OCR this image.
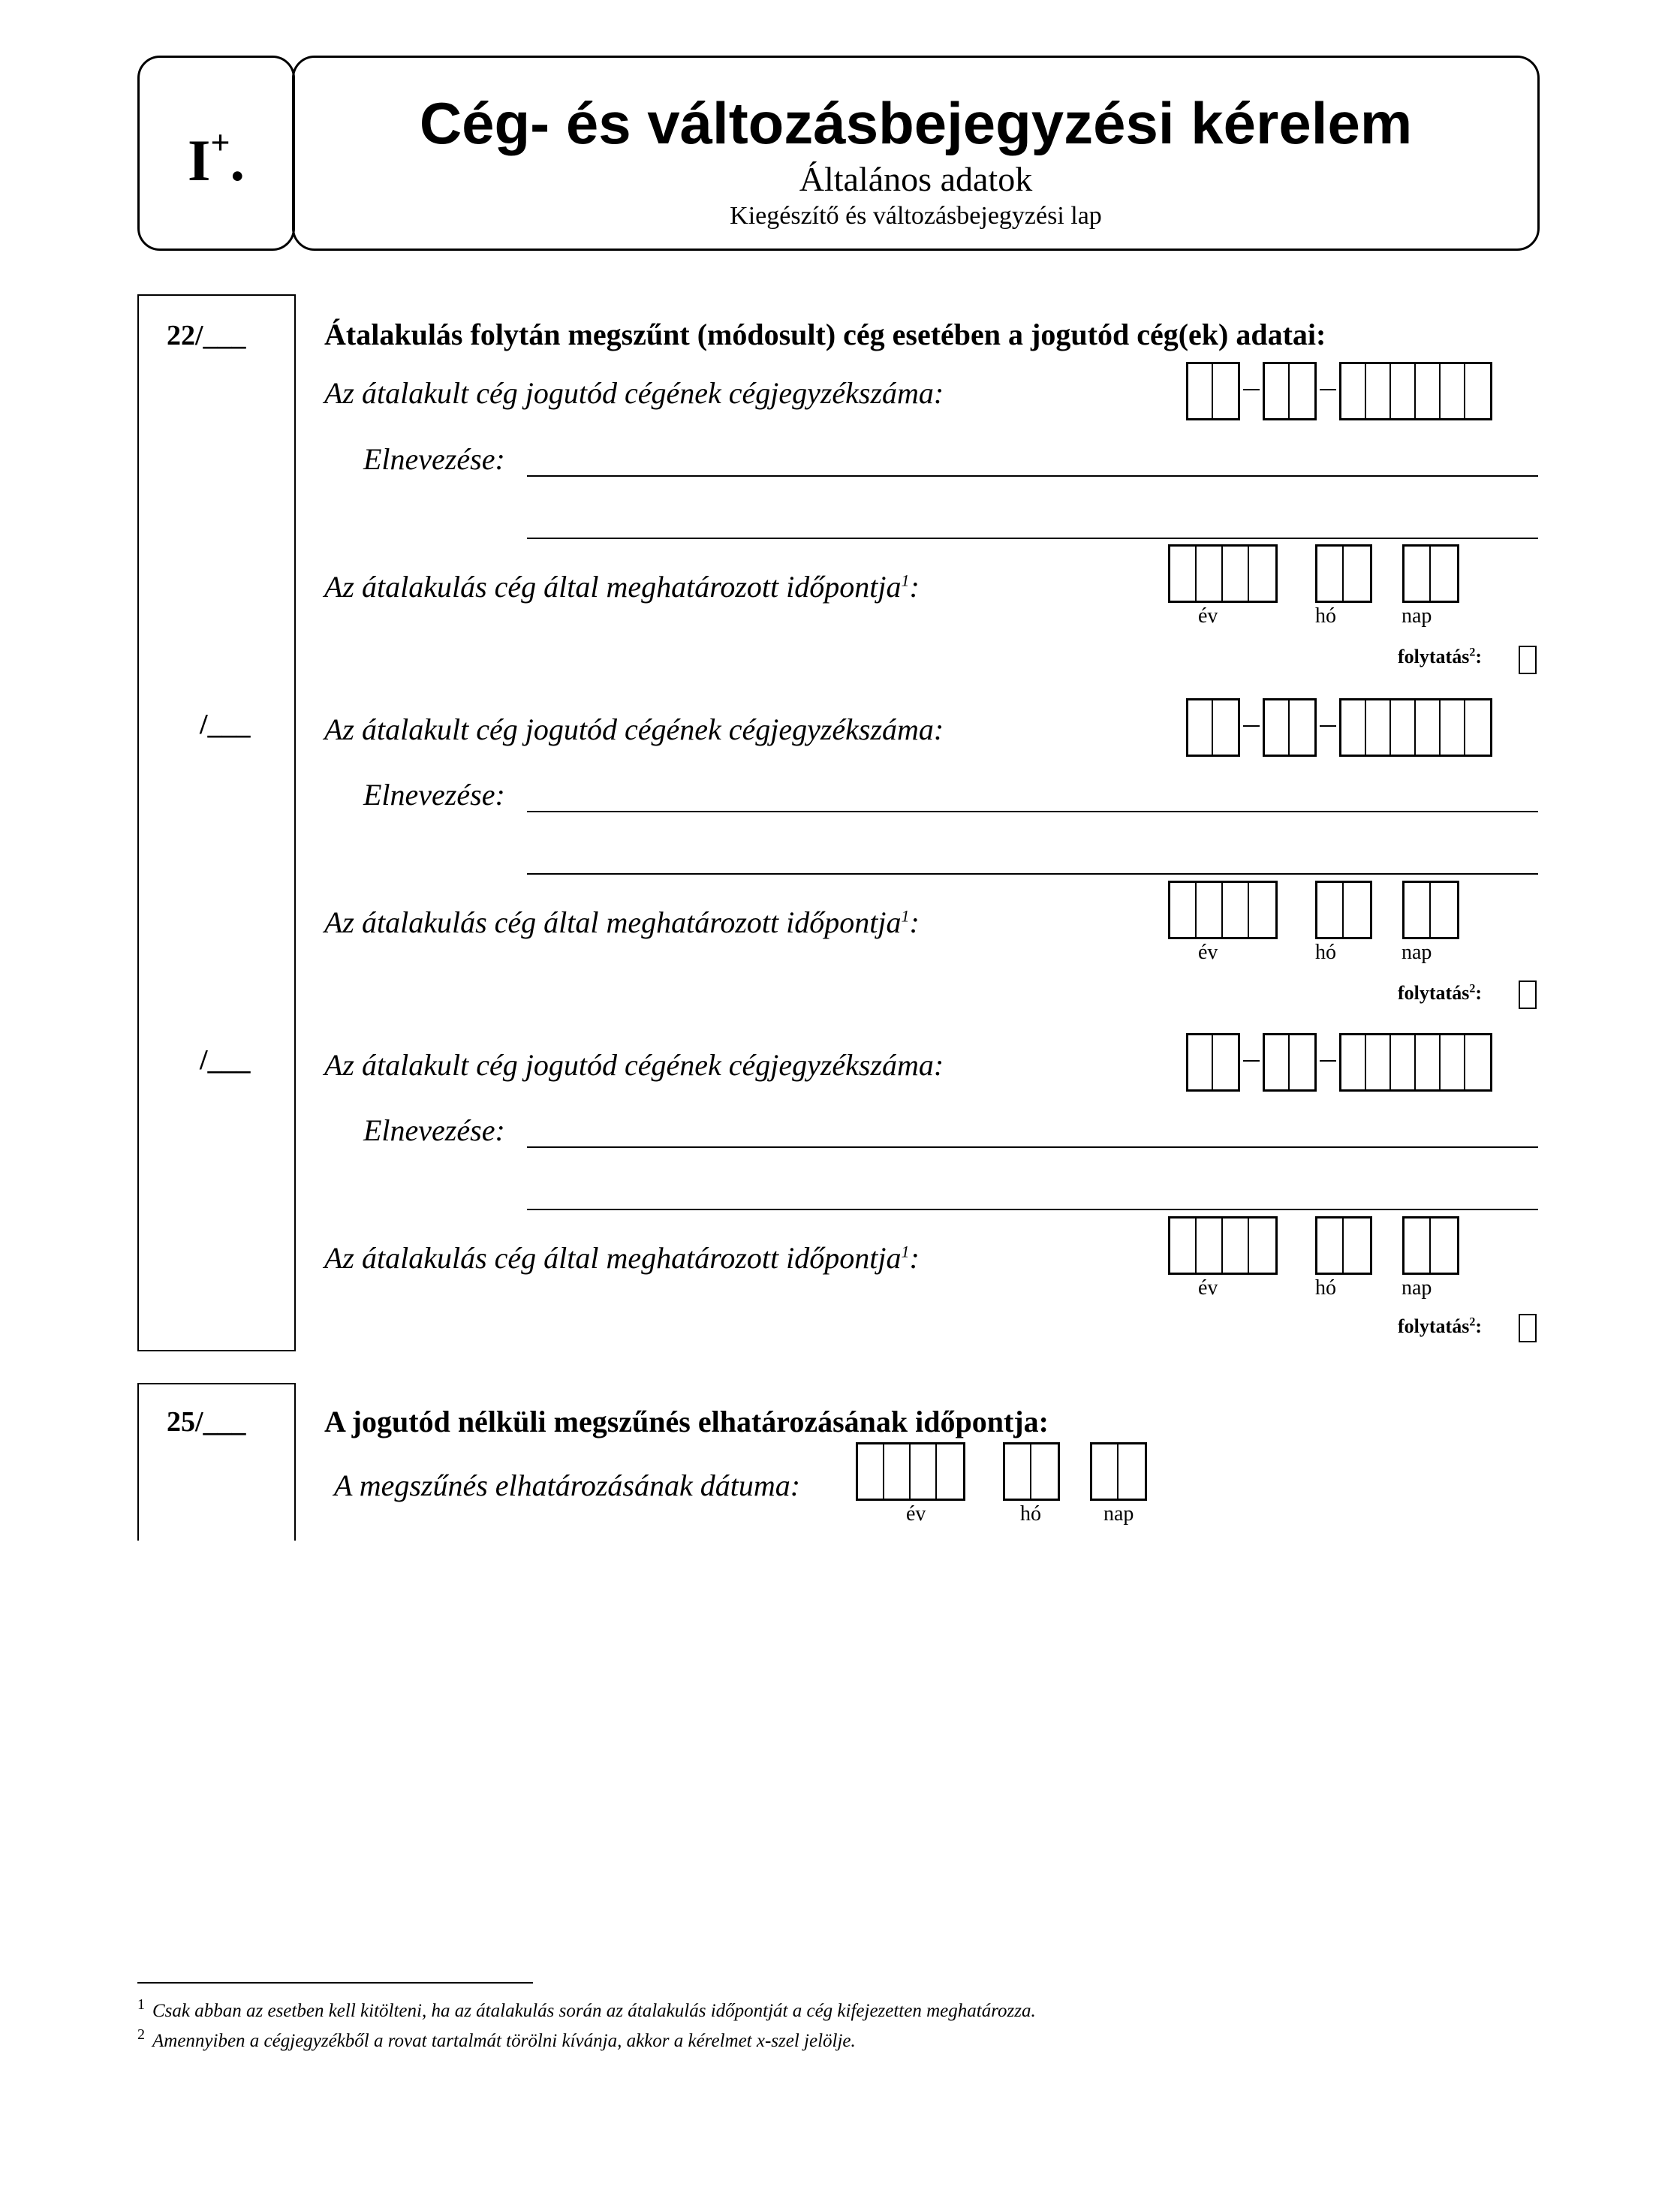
I+.
Cég- és változásbejegyzési kérelem
Általános adatok
Kiegészítő és változásbejegyzési lap
22/___	Átalakulás folytán megszűnt (módosult) cég esetében a jogutód cég(ek) adatai:
Az átalakult cég jogutód cégének cégjegyzékszáma:
Elnevezése:
Az átalakulás cég által meghatározott időpontja$^1$:
év	hó	nap
folytatás$^2$:
/___ Az átalakult cég jogutód cégének cégjegyzékszáma:
Elnevezése:
Az átalakulás cég által meghatározott időpontja$^1$:
év	hó	nap
folytatás$^2$:
/___ Az átalakult cég jogutód cégének cégjegyzékszáma:
Elnevezése:
Az átalakulás cég által meghatározott időpontja$^1$:
év	hó	nap
folytatás$^2$:
25/___	A jogutód nélküli megszűnés elhatározásának időpontja:
A megszűnés elhatározásának dátuma:
év	hó	nap
$^1$ Csak abban az esetben kell kitölteni, ha az átalakulás során az átalakulás időpontját a cég kifejezetten meghatározza.
$^2$ Amennyiben a cégjegyzékből a rovat tartalmát törölni kívánja, akkor a kérelmet x-szel jelölje.
